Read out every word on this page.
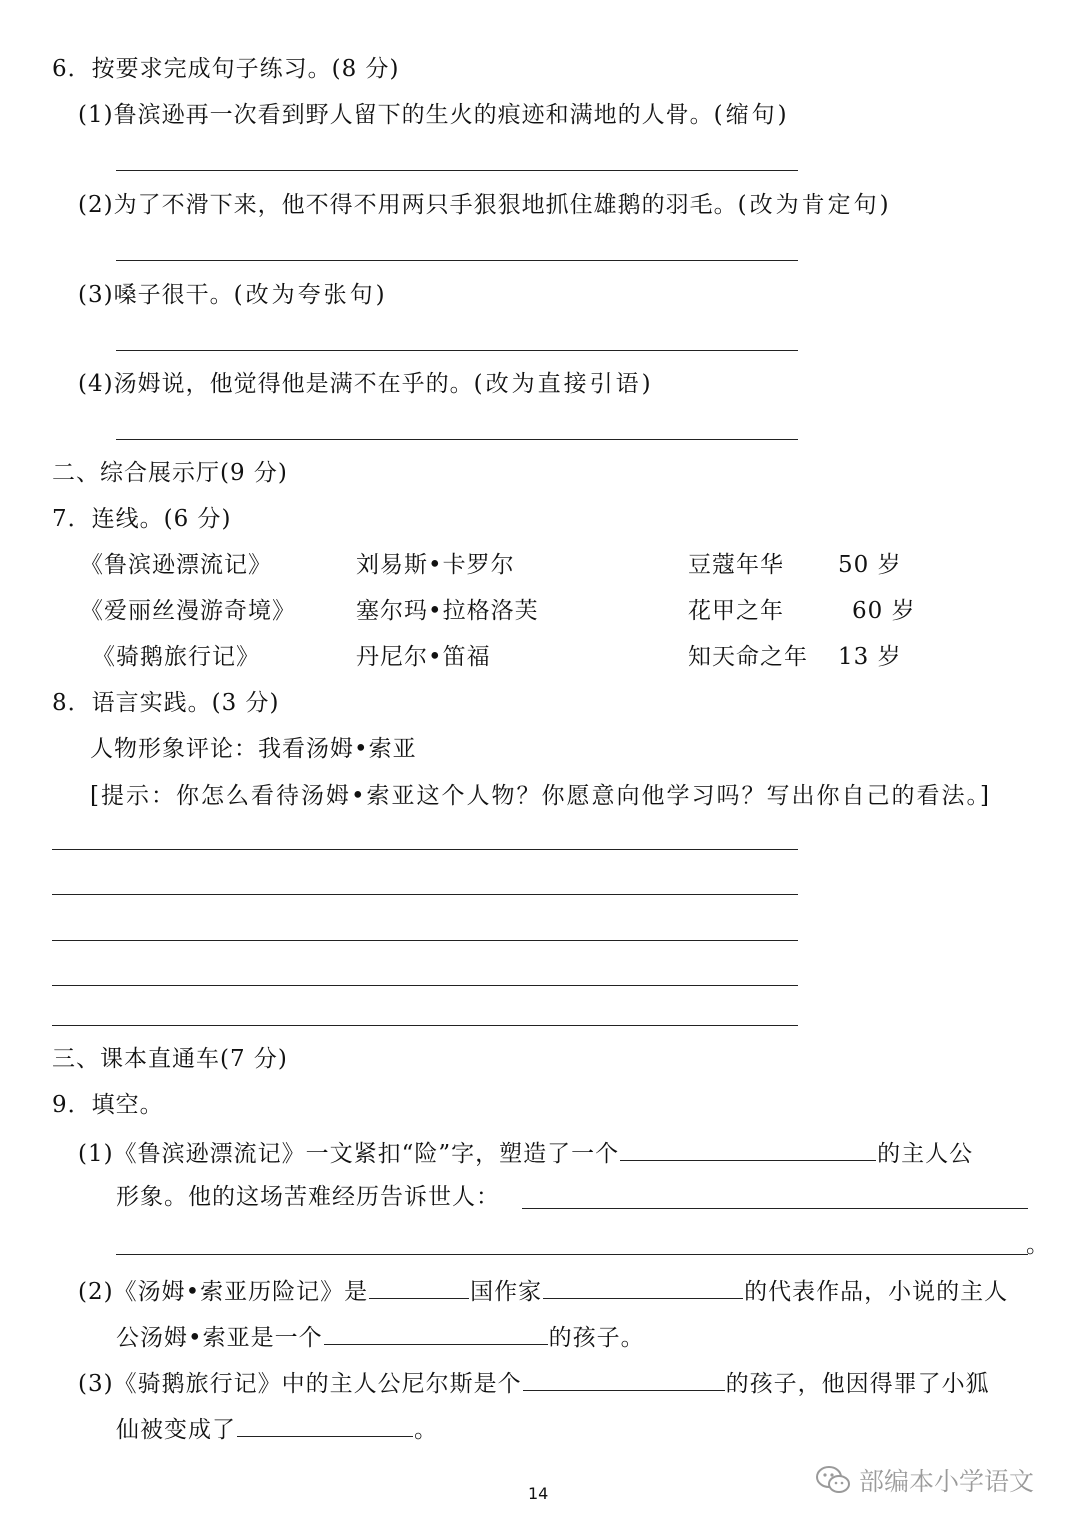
6．按要求完成句子练习。(8 分)
(1)鲁滨逊再一次看到野人留下的生火的痕迹和满地的人骨。(缩句)
(2)为了不滑下来，他不得不用两只手狠狠地抓住雄鹅的羽毛。(改为肯定句)
(3)嗓子很干。(改为夸张句)
(4)汤姆说，他觉得他是满不在乎的。(改为直接引语)
二、综合展示厅(9 分)
7．连线。(6 分)
《鲁滨逊漂流记》	刘易斯•卡罗尔	豆蔻年华 50 岁
《爱丽丝漫游奇境》	塞尔玛•拉格洛芙	花甲之年	60 岁
《骑鹅旅行记》	丹尼尔•笛福	知天命之年 13 岁
8．语言实践。(3 分)
人物形象评论：我看汤姆•索亚
[提示：你怎么看待汤姆•索亚这个人物？你愿意向他学习吗？写出你自己的看法。]
三、课本直通车(7 分)
9．填空。
(1)《鲁滨逊漂流记》一文紧扣“险”字，塑造了一个	的主人公
形象。他的这场苦难经历告诉世人：
。
(2)《汤姆•索亚历险记》是	国作家	的代表作品，小说的主人
公汤姆•索亚是一个	的孩子。
(3)《骑鹅旅行记》中的主人公尼尔斯是个	的孩子，他因得罪了小狐
仙被变成了	。
14	部编本小学语文
